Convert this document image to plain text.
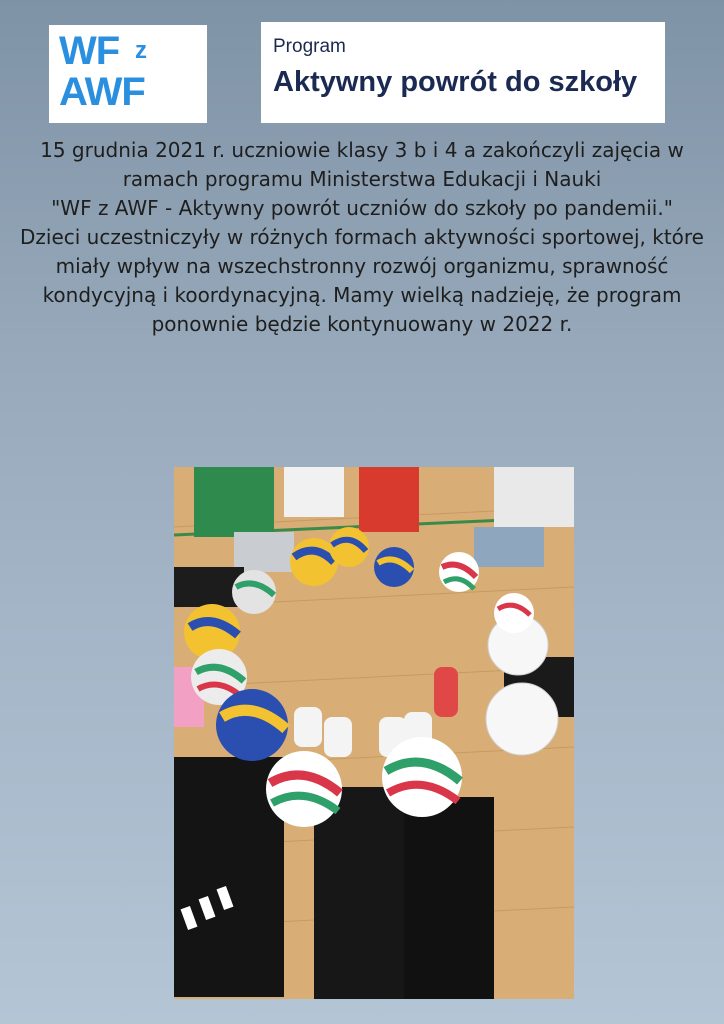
WF z
AWF
Program
Aktywny powrót do szkoły

15 grudnia 2021 r. uczniowie klasy 3 b i 4 a zakończyli zajęcia w ramach programu Ministerstwa Edukacji i Nauki

"WF z AWF - Aktywny powrót uczniów do szkoły po pandemii."

Dzieci uczestniczyły w różnych formach aktywności sportowej, które miały wpływ na wszechstronny rozwój organizmu, sprawność kondycyjną i koordynacyjną. Mamy wielką nadzieję, że program ponownie będzie kontynuowany w 2022 r.
